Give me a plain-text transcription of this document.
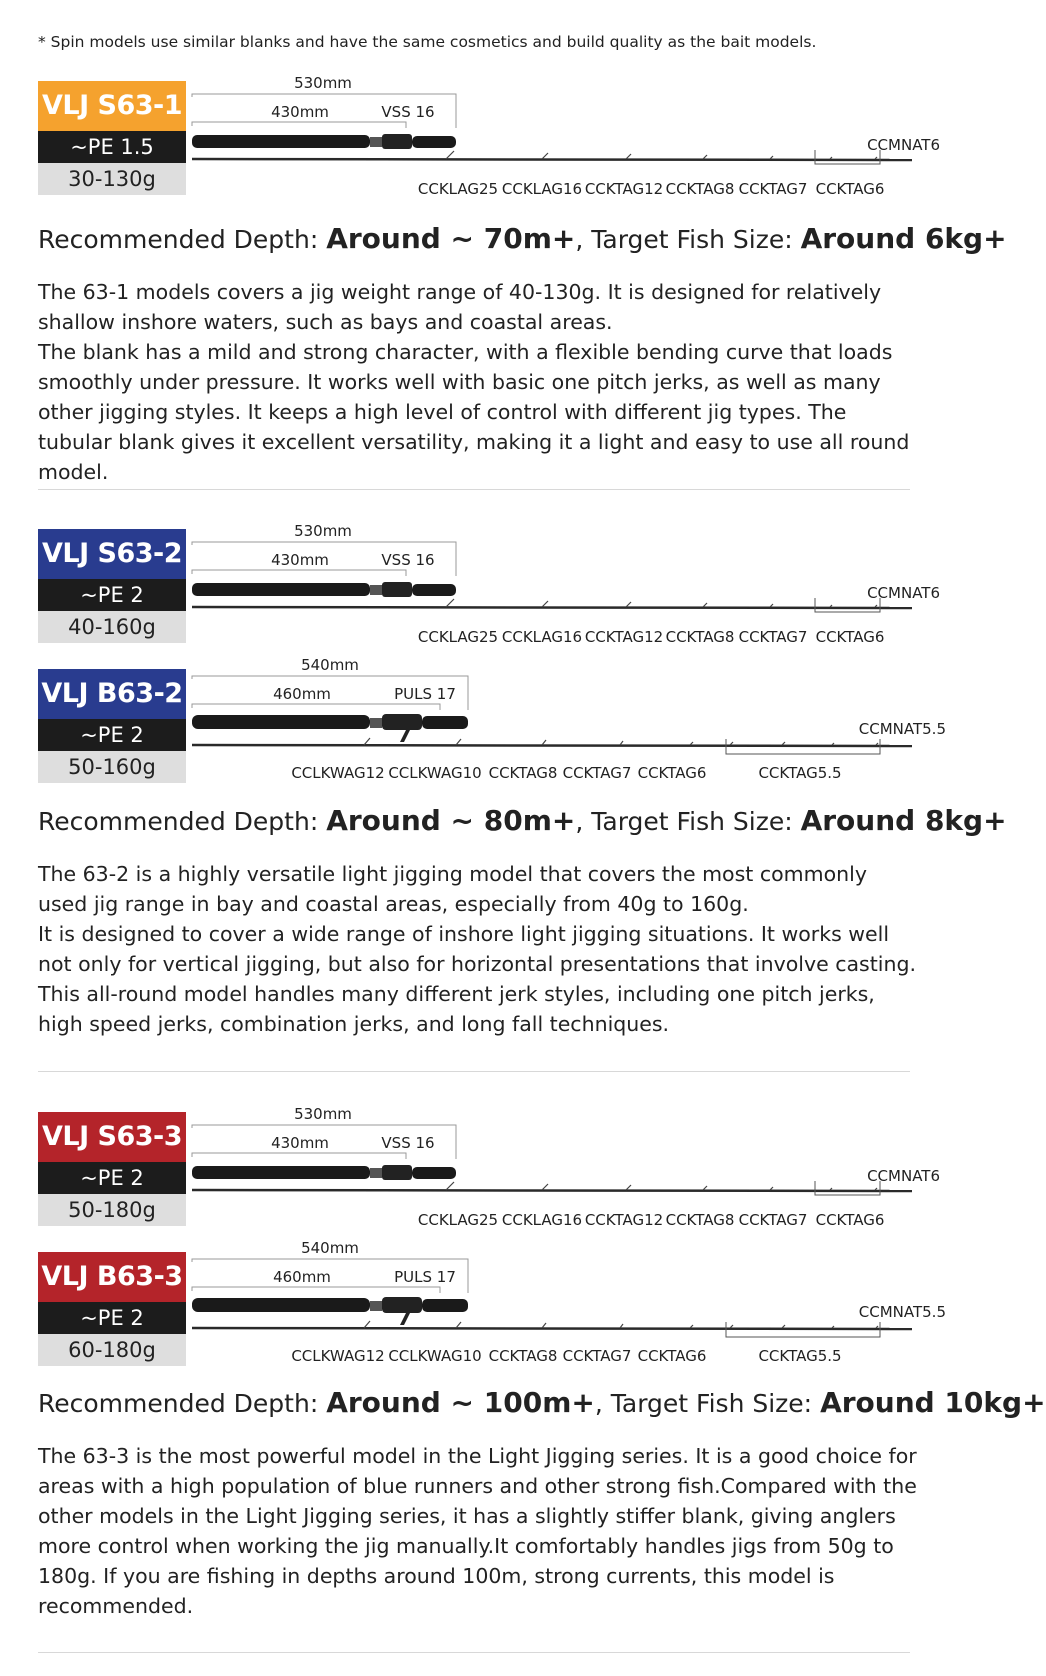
* Spin models use similar blanks and have the same cosmetics and build quality as the bait models.
VLJ S63-1
~PE 1.5
30-130g
530mm
430mm	VSS 16
CCMNAT6
CCKLAG25 CCKLAG16 CCKTAG12 CCKTAG8 CCKTAG7 CCKTAG6
Recommended Depth: Around ~ 70m+, Target Fish Size: Around 6kg+

The 63-1 models covers a jig weight range of 40-130g. It is designed for relatively shallow inshore waters, such as bays and coastal areas.

The blank has a mild and strong character, with a flexible bending curve that loads smoothly under pressure. It works well with basic one pitch jerks, as well as many other jigging styles. It keeps a high level of control with different jig types. The tubular blank gives it excellent versatility, making it a light and easy to use all round model.

VLJ S63-2
~PE 2
40-160g
530mm
430mm	VSS 16
CCMNAT6
CCKLAG25 CCKLAG16 CCKTAG12 CCKTAG8 CCKTAG7 CCKTAG6
VLJ B63-2
~PE 2
50-160g
540mm
460mm	PULS 17
CCMNAT5.5
CCLKWAG12 CCLKWAG10 CCKTAG8 CCKTAG7 CCKTAG6	CCKTAG5.5
Recommended Depth: Around ~ 80m+, Target Fish Size: Around 8kg+

The 63-2 is a highly versatile light jigging model that covers the most commonly used jig range in bay and coastal areas, especially from 40g to 160g.

It is designed to cover a wide range of inshore light jigging situations. It works well not only for vertical jigging, but also for horizontal presentations that involve casting. This all-round model handles many different jerk styles, including one pitch jerks, high speed jerks, combination jerks, and long fall techniques.

VLJ S63-3
~PE 2
50-180g
530mm
430mm	VSS 16
CCMNAT6
CCKLAG25 CCKLAG16 CCKTAG12 CCKTAG8 CCKTAG7 CCKTAG6
VLJ B63-3
~PE 2
60-180g
540mm
460mm	PULS 17
CCMNAT5.5
CCLKWAG12 CCLKWAG10 CCKTAG8 CCKTAG7 CCKTAG6	CCKTAG5.5
Recommended Depth: Around ~ 100m+, Target Fish Size: Around 10kg+

The 63-3 is the most powerful model in the Light Jigging series. It is a good choice for areas with a high population of blue runners and other strong fish.Compared with the other models in the Light Jigging series, it has a slightly stiffer blank, giving anglers more control when working the jig manually.It comfortably handles jigs from 50g to 180g. If you are fishing in depths around 100m, strong currents, this model is recommended.
